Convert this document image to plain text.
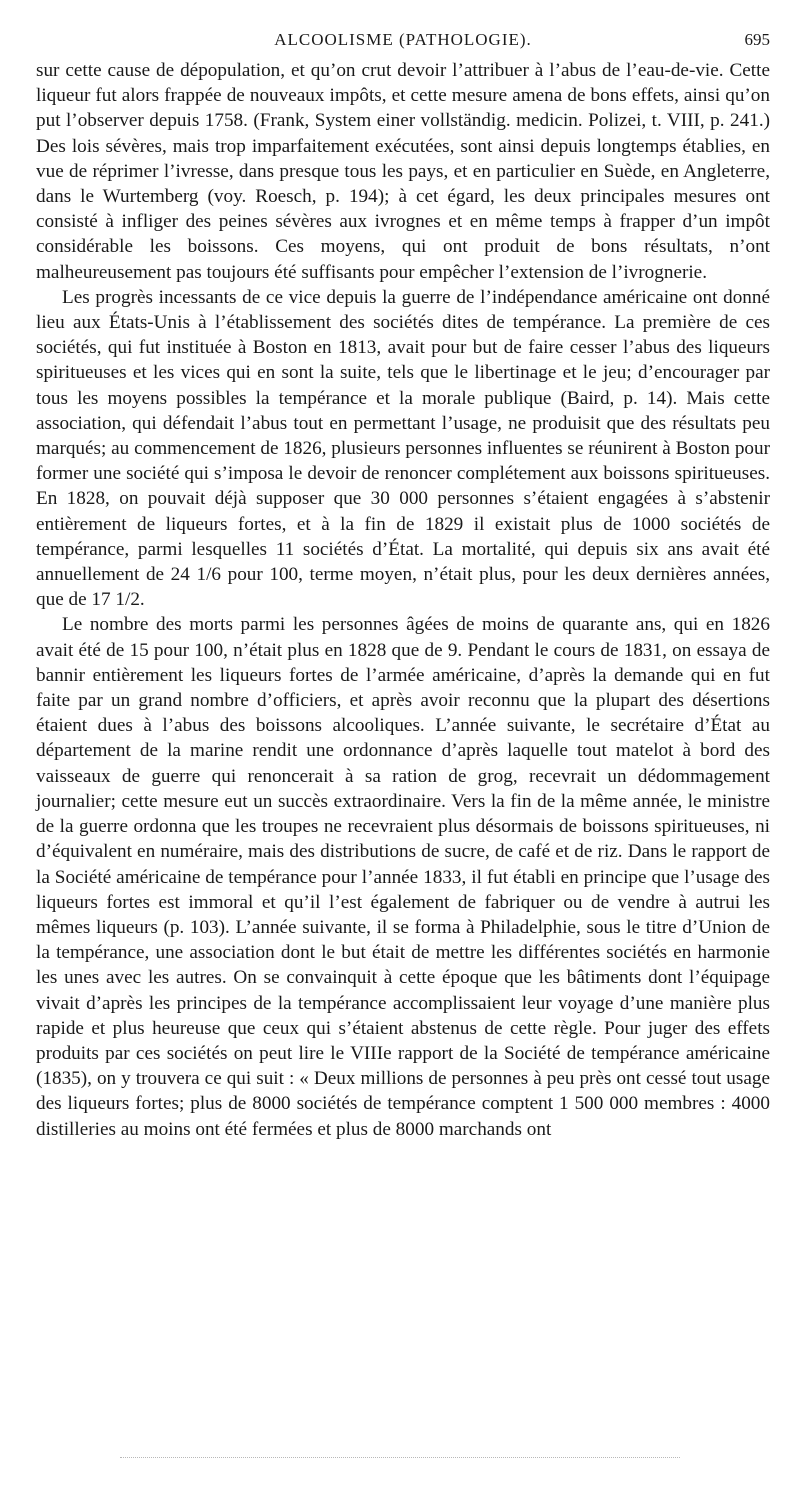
ALCOOLISME (PATHOLOGIE).	695

sur cette cause de dépopulation, et qu’on crut devoir l’attribuer à l’abus de l’eau-de-vie. Cette liqueur fut alors frappée de nouveaux impôts, et cette mesure amena de bons effets, ainsi qu’on put l’observer depuis 1758. (Frank, System einer vollständig. medicin. Polizei, t. VIII, p. 241.) Des lois sévères, mais trop imparfaitement exécutées, sont ainsi depuis longtemps établies, en vue de réprimer l’ivresse, dans presque tous les pays, et en particulier en Suède, en Angleterre, dans le Wurtemberg (voy. Roesch, p. 194); à cet égard, les deux principales mesures ont consisté à infliger des peines sévères aux ivrognes et en même temps à frapper d’un impôt considérable les boissons. Ces moyens, qui ont produit de bons résultats, n’ont malheureusement pas toujours été suffisants pour empêcher l’extension de l’ivrognerie.

Les progrès incessants de ce vice depuis la guerre de l’indépendance américaine ont donné lieu aux États-Unis à l’établissement des sociétés dites de tempérance. La première de ces sociétés, qui fut instituée à Boston en 1813, avait pour but de faire cesser l’abus des liqueurs spiritueuses et les vices qui en sont la suite, tels que le libertinage et le jeu; d’encourager par tous les moyens possibles la tempérance et la morale publique (Baird, p. 14). Mais cette association, qui défendait l’abus tout en permettant l’usage, ne produisit que des résultats peu marqués; au commencement de 1826, plusieurs personnes influentes se réunirent à Boston pour former une société qui s’imposa le devoir de renoncer complétement aux boissons spiritueuses. En 1828, on pouvait déjà supposer que 30 000 personnes s’étaient engagées à s’abstenir entièrement de liqueurs fortes, et à la fin de 1829 il existait plus de 1000 sociétés de tempérance, parmi lesquelles 11 sociétés d’État. La mortalité, qui depuis six ans avait été annuellement de 24 1/6 pour 100, terme moyen, n’était plus, pour les deux dernières années, que de 17 1/2.

Le nombre des morts parmi les personnes âgées de moins de quarante ans, qui en 1826 avait été de 15 pour 100, n’était plus en 1828 que de 9. Pendant le cours de 1831, on essaya de bannir entièrement les liqueurs fortes de l’armée américaine, d’après la demande qui en fut faite par un grand nombre d’officiers, et après avoir reconnu que la plupart des désertions étaient dues à l’abus des boissons alcooliques. L’année suivante, le secrétaire d’État au département de la marine rendit une ordonnance d’après laquelle tout matelot à bord des vaisseaux de guerre qui renoncerait à sa ration de grog, recevrait un dédommagement journalier; cette mesure eut un succès extraordinaire. Vers la fin de la même année, le ministre de la guerre ordonna que les troupes ne recevraient plus désormais de boissons spiritueuses, ni d’équivalent en numéraire, mais des distributions de sucre, de café et de riz. Dans le rapport de la Société américaine de tempérance pour l’année 1833, il fut établi en principe que l’usage des liqueurs fortes est immoral et qu’il l’est également de fabriquer ou de vendre à autrui les mêmes liqueurs (p. 103). L’année suivante, il se forma à Philadelphie, sous le titre d’Union de la tempérance, une association dont le but était de mettre les différentes sociétés en harmonie les unes avec les autres. On se convainquit à cette époque que les bâtiments dont l’équipage vivait d’après les principes de la tempérance accomplissaient leur voyage d’une manière plus rapide et plus heureuse que ceux qui s’étaient abstenus de cette règle. Pour juger des effets produits par ces sociétés on peut lire le VIIIe rapport de la Société de tempérance américaine (1835), on y trouvera ce qui suit : « Deux millions de personnes à peu près ont cessé tout usage des liqueurs fortes; plus de 8000 sociétés de tempérance comptent 1 500 000 membres : 4000 distilleries au moins ont été fermées et plus de 8000 marchands ont
